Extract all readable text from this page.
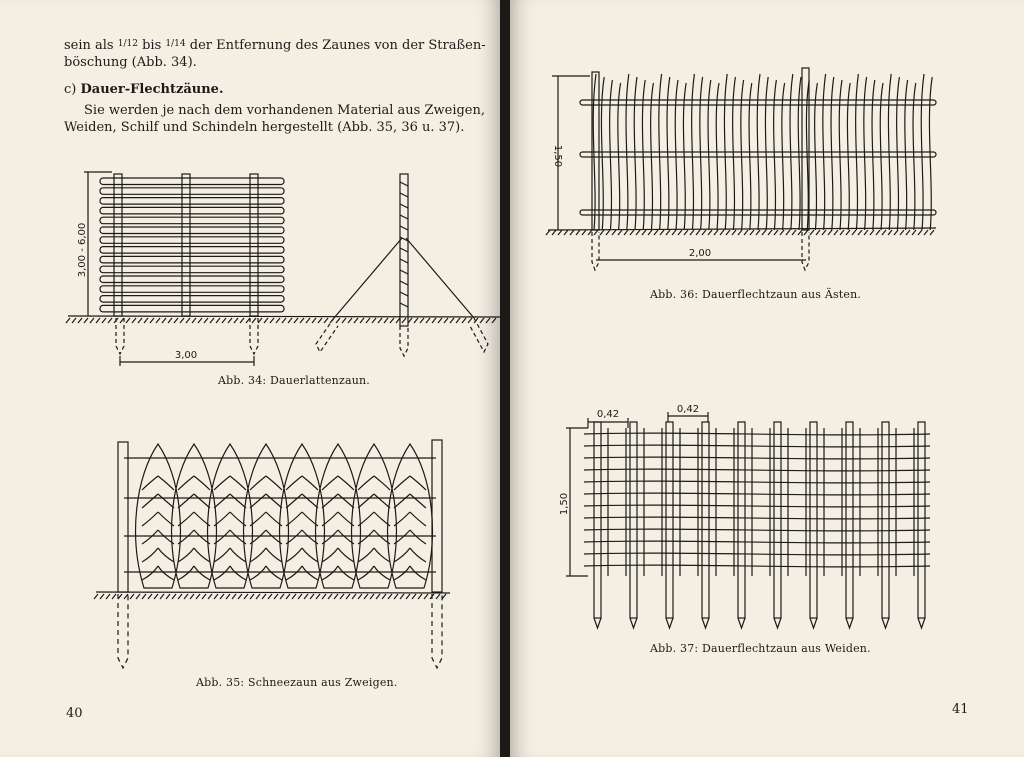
sein als $^{1/12}$ bis $^{1/14}$ der Entfernung des Zaunes von der Straßen-

böschung (Abb. 34).

c) Dauer-Flechtzäune.

Sie werden je nach dem vorhandenen Material aus Zweigen, Weiden, Schilf und Schindeln hergestellt (Abb. 35, 36 u. 37).

3,00 - 6,00
3,00
Abb. 34: Dauerlattenzaun.
Abb. 35: Schneezaun aus Zweigen.
40
1,50
2,00
Abb. 36: Dauerflechtzaun aus Ästen.
1,50
0,42	0,42
Abb. 37: Dauerflechtzaun aus Weiden.
41
